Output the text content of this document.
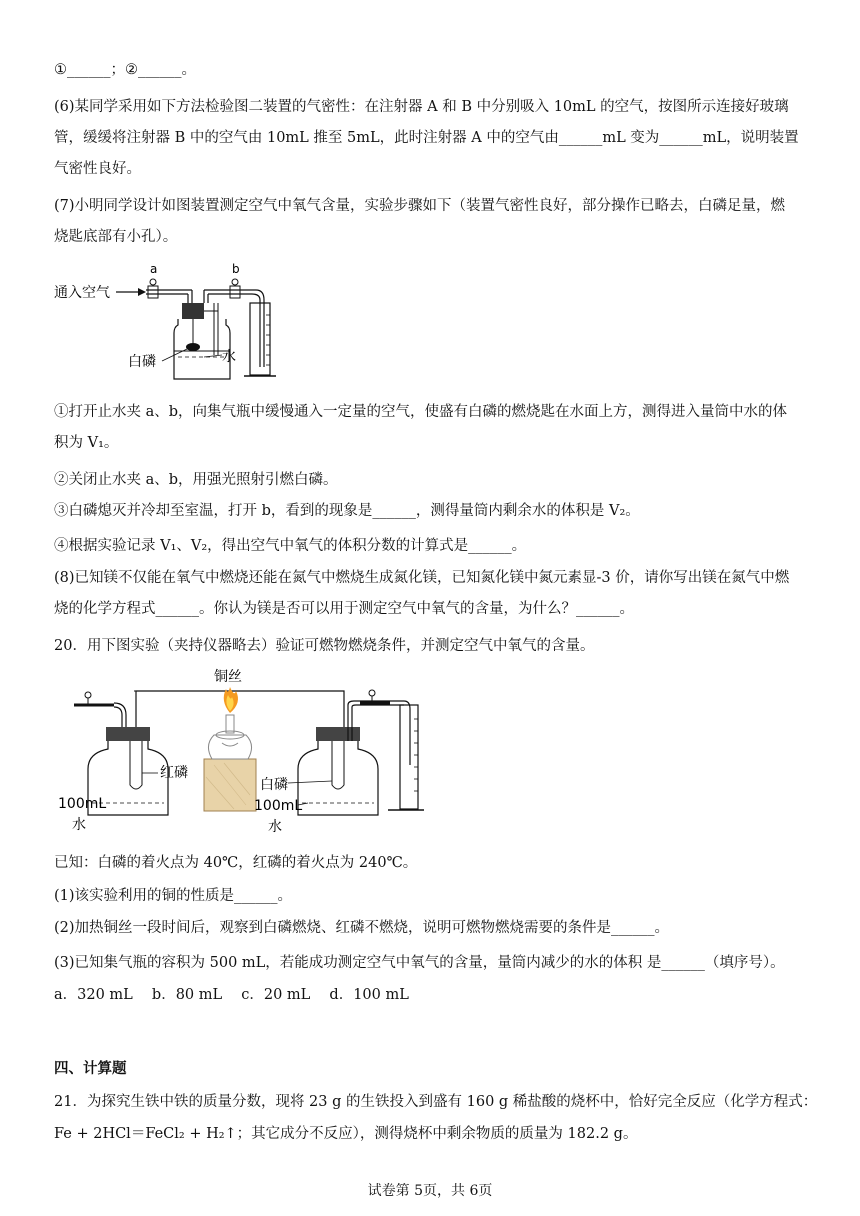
①______；②______。
(6)某同学采用如下方法检验图二装置的气密性：在注射器 A 和 B 中分别吸入 10mL 的空气，按图所示连接好玻璃
管，缓缓将注射器 B 中的空气由 10mL 推至 5mL，此时注射器 A 中的空气由______mL 变为______mL，说明装置
气密性良好。
(7)小明同学设计如图装置测定空气中氧气含量，实验步骤如下（装置气密性良好，部分操作已略去，白磷足量，燃
烧匙底部有小孔）。
通入空气
a
白磷	水
b
①打开止水夹 a、b，向集气瓶中缓慢通入一定量的空气，使盛有白磷的燃烧匙在水面上方，测得进入量筒中水的体
积为 V₁。
②关闭止水夹 a、b，用强光照射引燃白磷。
③白磷熄灭并冷却至室温，打开 b，看到的现象是______，测得量筒内剩余水的体积是 V₂。
④根据实验记录 V₁、V₂，得出空气中氧气的体积分数的计算式是______。
(8)已知镁不仅能在氧气中燃烧还能在氮气中燃烧生成氮化镁，已知氮化镁中氮元素显-3 价，请你写出镁在氮气中燃
烧的化学方程式______。你认为镁是否可以用于测定空气中氧气的含量，为什么？______。
20．用下图实验（夹持仪器略去）验证可燃物燃烧条件，并测定空气中氧气的含量。
铜丝
红磷
100mL
水
白磷
100mL
水
已知：白磷的着火点为 40℃，红磷的着火点为 240℃。
(1)该实验利用的铜的性质是______。
(2)加热铜丝一段时间后，观察到白磷燃烧、红磷不燃烧，说明可燃物燃烧需要的条件是______。
(3)已知集气瓶的容积为 500 mL，若能成功测定空气中氧气的含量，量筒内减少的水的体积 是______（填序号）。
a．320 mL　 b．80 mL　 c．20 mL　 d．100 mL
四、计算题
21．为探究生铁中铁的质量分数，现将 23 g 的生铁投入到盛有 160 g 稀盐酸的烧杯中，恰好完全反应（化学方程式：
Fe + 2HCl＝FeCl₂ + H₂↑；其它成分不反应），测得烧杯中剩余物质的质量为 182.2 g。
试卷第 5页，共 6页
